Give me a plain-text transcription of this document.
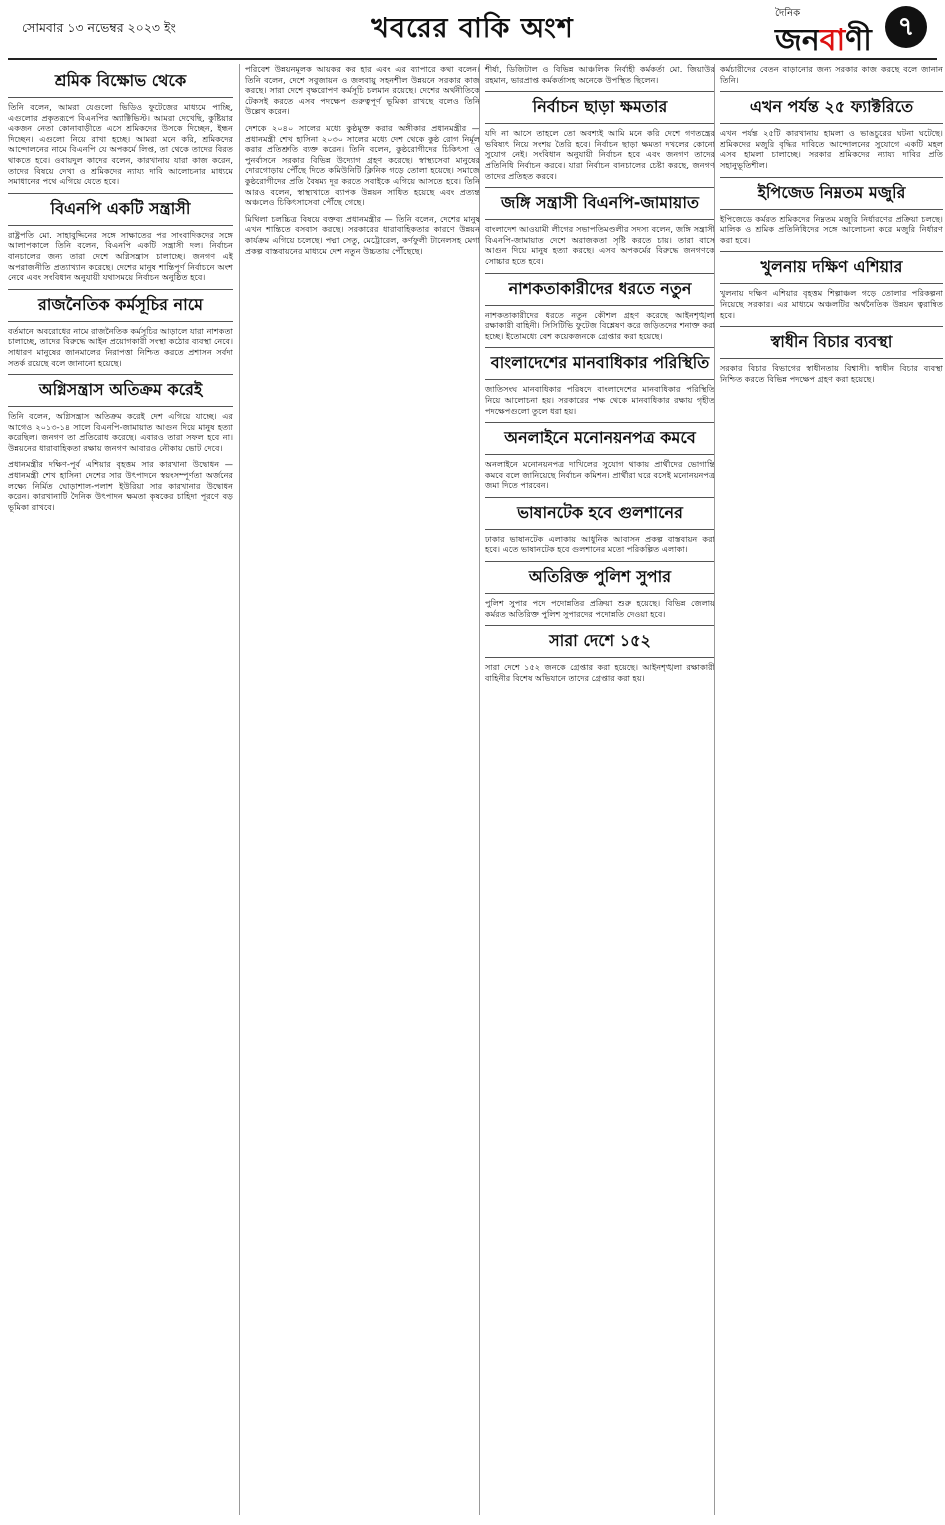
সোমবার ১৩ নভেম্বর ২০২৩ ইং	খবরের বাকি অংশ	দৈনিক
জনবাণী ৭
শ্রমিক বিক্ষোভ থেকে

তিনি বলেন, আমরা যেগুলো ভিডিও ফুটেজের মাধ্যমে পাচ্ছি, এগুলোর প্রকৃতরূপে বিএনপির অ্যাক্টিভিস্ট। আমরা দেখেছি, কুষ্টিয়ার একজন নেতা কোনাবাড়ীতে এসে শ্রমিকদের উসকে দিচ্ছেন, ইন্ধন দিচ্ছেন। এগুলো নিয়ে রাখা হচ্ছে। আমরা মনে করি, শ্রমিকদের আন্দোলনের নামে বিএনপি যে অপকর্মে লিপ্ত, তা থেকে তাদের বিরত থাকতে হবে। ওবায়দুল কাদের বলেন, কারখানায় যারা কাজ করেন, তাদের বিষয়ে দেখা ও শ্রমিকদের ন্যায্য দাবি আলোচনার মাধ্যমে সমাধানের পথে এগিয়ে যেতে হবে।

বিএনপি একটি সন্ত্রাসী

রাষ্ট্রপতি মো. সাহাবুদ্দিনের সঙ্গে সাক্ষাতের পর সাংবাদিকদের সঙ্গে আলাপকালে তিনি বলেন, বিএনপি একটি সন্ত্রাসী দল। নির্বাচন বানচালের জন্য তারা দেশে অগ্নিসন্ত্রাস চালাচ্ছে। জনগণ এই অপরাজনীতি প্রত্যাখ্যান করেছে। দেশের মানুষ শান্তিপূর্ণ নির্বাচনে অংশ নেবে এবং সংবিধান অনুযায়ী যথাসময়ে নির্বাচন অনুষ্ঠিত হবে।

রাজনৈতিক কর্মসূচির নামে

বর্তমানে অবরোধের নামে রাজনৈতিক কর্মসূচির আড়ালে যারা নাশকতা চালাচ্ছে, তাদের বিরুদ্ধে আইন প্রয়োগকারী সংস্থা কঠোর ব্যবস্থা নেবে। সাধারণ মানুষের জানমালের নিরাপত্তা নিশ্চিত করতে প্রশাসন সর্বদা সতর্ক রয়েছে বলে জানানো হয়েছে।

অগ্নিসন্ত্রাস অতিক্রম করেই

তিনি বলেন, অগ্নিসন্ত্রাস অতিক্রম করেই দেশ এগিয়ে যাচ্ছে। এর আগেও ২০১৩-১৪ সালে বিএনপি-জামায়াত আগুন দিয়ে মানুষ হত্যা করেছিল। জনগণ তা প্রতিরোধ করেছে। এবারও তারা সফল হবে না। উন্নয়নের ধারাবাহিকতা রক্ষায় জনগণ আবারও নৌকায় ভোট দেবে।

প্রধানমন্ত্রীর দক্ষিণ-পূর্ব এশিয়ার বৃহত্তম সার কারখানা উদ্বোধন — প্রধানমন্ত্রী শেখ হাসিনা দেশের সার উৎপাদনে স্বয়ংসম্পূর্ণতা অর্জনের লক্ষ্যে নির্মিত ঘোড়াশাল-পলাশ ইউরিয়া সার কারখানার উদ্বোধন করেন। কারখানাটি দৈনিক উৎপাদন ক্ষমতা কৃষকের চাহিদা পূরণে বড় ভূমিকা রাখবে।

পরিবেশ উন্নয়নমূলক আয়কর কর হার এবং এর ব্যাপারে কথা বলেন। তিনি বলেন, দেশে সবুজায়ন ও জলবায়ু সহনশীল উন্নয়নে সরকার কাজ করছে। সারা দেশে বৃক্ষরোপণ কর্মসূচি চলমান রয়েছে। দেশের অর্থনীতিকে টেকসই করতে এসব পদক্ষেপ গুরুত্বপূর্ণ ভূমিকা রাখছে বলেও তিনি উল্লেখ করেন।

দেশকে ২০৪০ সালের মধ্যে কুষ্ঠমুক্ত করার অঙ্গীকার প্রধানমন্ত্রীর — প্রধানমন্ত্রী শেখ হাসিনা ২০৩০ সালের মধ্যে দেশ থেকে কুষ্ঠ রোগ নির্মূল করার প্রতিশ্রুতি ব্যক্ত করেন। তিনি বলেন, কুষ্ঠরোগীদের চিকিৎসা ও পুনর্বাসনে সরকার বিভিন্ন উদ্যোগ গ্রহণ করেছে। স্বাস্থ্যসেবা মানুষের দোরগোড়ায় পৌঁছে দিতে কমিউনিটি ক্লিনিক গড়ে তোলা হয়েছে। সমাজে কুষ্ঠরোগীদের প্রতি বৈষম্য দূর করতে সবাইকে এগিয়ে আসতে হবে। তিনি আরও বলেন, স্বাস্থ্যখাতে ব্যাপক উন্নয়ন সাধিত হয়েছে এবং প্রত্যন্ত অঞ্চলেও চিকিৎসাসেবা পৌঁছে গেছে।

মিথিলা চলচ্চিত্র বিষয়ে বক্তব্য প্রধানমন্ত্রীর — তিনি বলেন, দেশের মানুষ এখন শান্তিতে বসবাস করছে। সরকারের ধারাবাহিকতার কারণে উন্নয়ন কার্যক্রম এগিয়ে চলেছে। পদ্মা সেতু, মেট্রোরেল, কর্ণফুলী টানেলসহ মেগা প্রকল্প বাস্তবায়নের মাধ্যমে দেশ নতুন উচ্চতায় পৌঁছেছে।

শীর্ষা, ডিজিটাল ও বিভিন্ন আঞ্চলিক নির্বাহী কর্মকর্তা মো. জিয়াউর রহমান, ভারপ্রাপ্ত কর্মকর্তাসহ অনেকে উপস্থিত ছিলেন।

নির্বাচন ছাড়া ক্ষমতার

যদি না আসে তাহলে তো অবশ্যই আমি মনে করি দেশে গণতন্ত্রের ভবিষ্যৎ নিয়ে সংশয় তৈরি হবে। নির্বাচন ছাড়া ক্ষমতা দখলের কোনো সুযোগ নেই। সংবিধান অনুযায়ী নির্বাচন হবে এবং জনগণ তাদের প্রতিনিধি নির্বাচন করবে। যারা নির্বাচন বানচালের চেষ্টা করছে, জনগণ তাদের প্রতিহত করবে।

জঙ্গি সন্ত্রাসী বিএনপি-জামায়াত

বাংলাদেশ আওয়ামী লীগের সভাপতিমণ্ডলীর সদস্য বলেন, জঙ্গি সন্ত্রাসী বিএনপি-জামায়াত দেশে অরাজকতা সৃষ্টি করতে চায়। তারা বাসে আগুন দিয়ে মানুষ হত্যা করছে। এসব অপকর্মের বিরুদ্ধে জনগণকে সোচ্চার হতে হবে।

নাশকতাকারীদের ধরতে নতুন

নাশকতাকারীদের ধরতে নতুন কৌশল গ্রহণ করেছে আইনশৃঙ্খলা রক্ষাকারী বাহিনী। সিসিটিভি ফুটেজ বিশ্লেষণ করে জড়িতদের শনাক্ত করা হচ্ছে। ইতোমধ্যে বেশ কয়েকজনকে গ্রেপ্তার করা হয়েছে।

বাংলাদেশের মানবাধিকার পরিস্থিতি

জাতিসংঘ মানবাধিকার পরিষদে বাংলাদেশের মানবাধিকার পরিস্থিতি নিয়ে আলোচনা হয়। সরকারের পক্ষ থেকে মানবাধিকার রক্ষায় গৃহীত পদক্ষেপগুলো তুলে ধরা হয়।

অনলাইনে মনোনয়নপত্র কমবে

অনলাইনে মনোনয়নপত্র দাখিলের সুযোগ থাকায় প্রার্থীদের ভোগান্তি কমবে বলে জানিয়েছে নির্বাচন কমিশন। প্রার্থীরা ঘরে বসেই মনোনয়নপত্র জমা দিতে পারবেন।

ভাষানটেক হবে গুলশানের

ঢাকার ভাষানটেক এলাকায় আধুনিক আবাসন প্রকল্প বাস্তবায়ন করা হবে। এতে ভাষানটেক হবে গুলশানের মতো পরিকল্পিত এলাকা।

অতিরিক্ত পুলিশ সুপার

পুলিশ সুপার পদে পদোন্নতির প্রক্রিয়া শুরু হয়েছে। বিভিন্ন জেলায় কর্মরত অতিরিক্ত পুলিশ সুপারদের পদোন্নতি দেওয়া হবে।

সারা দেশে ১৫২

সারা দেশে ১৫২ জনকে গ্রেপ্তার করা হয়েছে। আইনশৃঙ্খলা রক্ষাকারী বাহিনীর বিশেষ অভিযানে তাদের গ্রেপ্তার করা হয়।

কর্মচারীদের বেতন বাড়ানোর জন্য সরকার কাজ করছে বলে জানান তিনি।

এখন পর্যন্ত ২৫ ফ্যাক্টরিতে

এখন পর্যন্ত ২৫টি কারখানায় হামলা ও ভাঙচুরের ঘটনা ঘটেছে। শ্রমিকদের মজুরি বৃদ্ধির দাবিতে আন্দোলনের সুযোগে একটি মহল এসব হামলা চালাচ্ছে। সরকার শ্রমিকদের ন্যায্য দাবির প্রতি সহানুভূতিশীল।

ইপিজেড নিম্নতম মজুরি

ইপিজেডে কর্মরত শ্রমিকদের নিম্নতম মজুরি নির্ধারণের প্রক্রিয়া চলছে। মালিক ও শ্রমিক প্রতিনিধিদের সঙ্গে আলোচনা করে মজুরি নির্ধারণ করা হবে।

খুলনায় দক্ষিণ এশিয়ার

খুলনায় দক্ষিণ এশিয়ার বৃহত্তম শিল্পাঞ্চল গড়ে তোলার পরিকল্পনা নিয়েছে সরকার। এর মাধ্যমে অঞ্চলটির অর্থনৈতিক উন্নয়ন ত্বরান্বিত হবে।

স্বাধীন বিচার ব্যবস্থা

সরকার বিচার বিভাগের স্বাধীনতায় বিশ্বাসী। স্বাধীন বিচার ব্যবস্থা নিশ্চিত করতে বিভিন্ন পদক্ষেপ গ্রহণ করা হয়েছে।
